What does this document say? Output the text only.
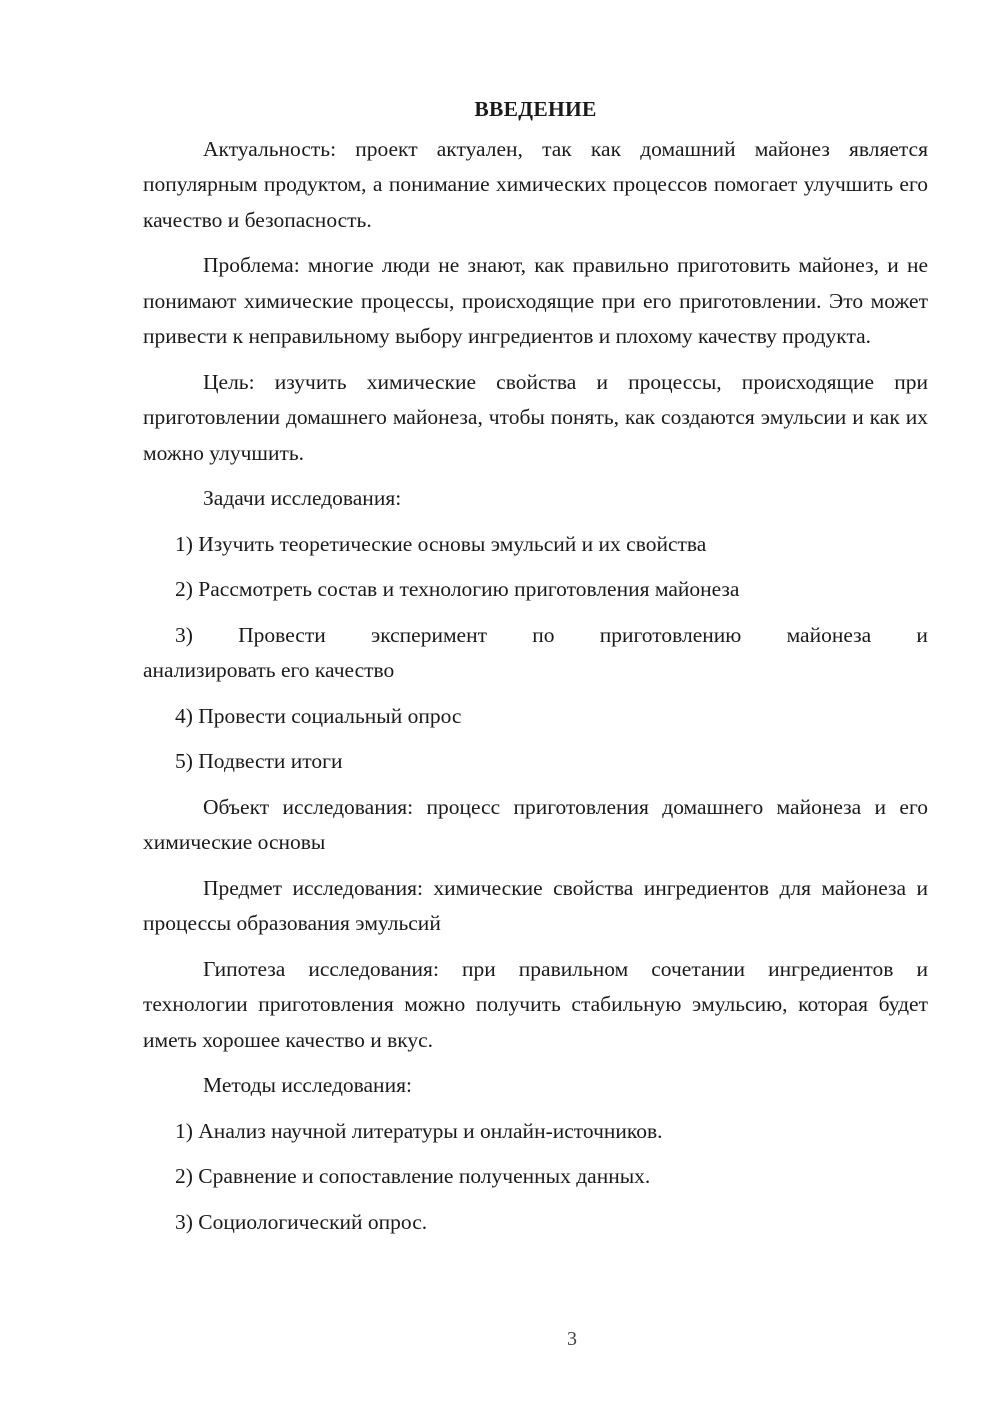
ВВЕДЕНИЕ

Актуальность: проект актуален, так как домашний майонез является популярным продуктом, а понимание химических процессов помогает улучшить его качество и безопасность.

Проблема: многие люди не знают, как правильно приготовить майонез, и не понимают химические процессы, происходящие при его приготовлении. Это может привести к неправильному выбору ингредиентов и плохому качеству продукта.

Цель: изучить химические свойства и процессы, происходящие при приготовлении домашнего майонеза, чтобы понять, как создаются эмульсии и как их можно улучшить.

Задачи исследования:

1) Изучить теоретические основы эмульсий и их свойства

2) Рассмотреть состав и технологию приготовления майонеза

3) Провести эксперимент по приготовлению майонеза и
анализировать его качество

4) Провести социальный опрос

5) Подвести итоги

Объект исследования: процесс приготовления домашнего майонеза и его химические основы

Предмет исследования: химические свойства ингредиентов для майонеза и процессы образования эмульсий

Гипотеза исследования: при правильном сочетании ингредиентов и технологии приготовления можно получить стабильную эмульсию, которая будет иметь хорошее качество и вкус.

Методы исследования:

1) Анализ научной литературы и онлайн-источников.

2) Сравнение и сопоставление полученных данных.

3) Социологический опрос.

3
